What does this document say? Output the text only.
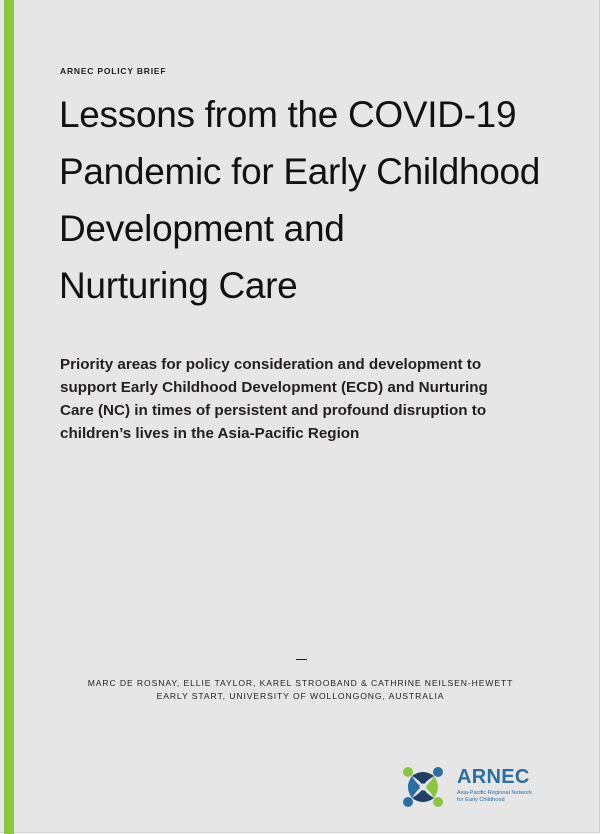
ARNEC POLICY BRIEF
Lessons from the COVID-19
Pandemic for Early Childhood
Development and
Nurturing Care
Priority areas for policy consideration and development to
support Early Childhood Development (ECD) and Nurturing
Care (NC) in times of persistent and profound disruption to
children’s lives in the Asia-Pacific Region
MARC DE ROSNAY, ELLIE TAYLOR, KAREL STROOBAND & CATHRINE NEILSEN-HEWETT
EARLY START, UNIVERSITY OF WOLLONGONG, AUSTRALIA
ARNEC
Asia-Pacific Regional Network
for Early Childhood
